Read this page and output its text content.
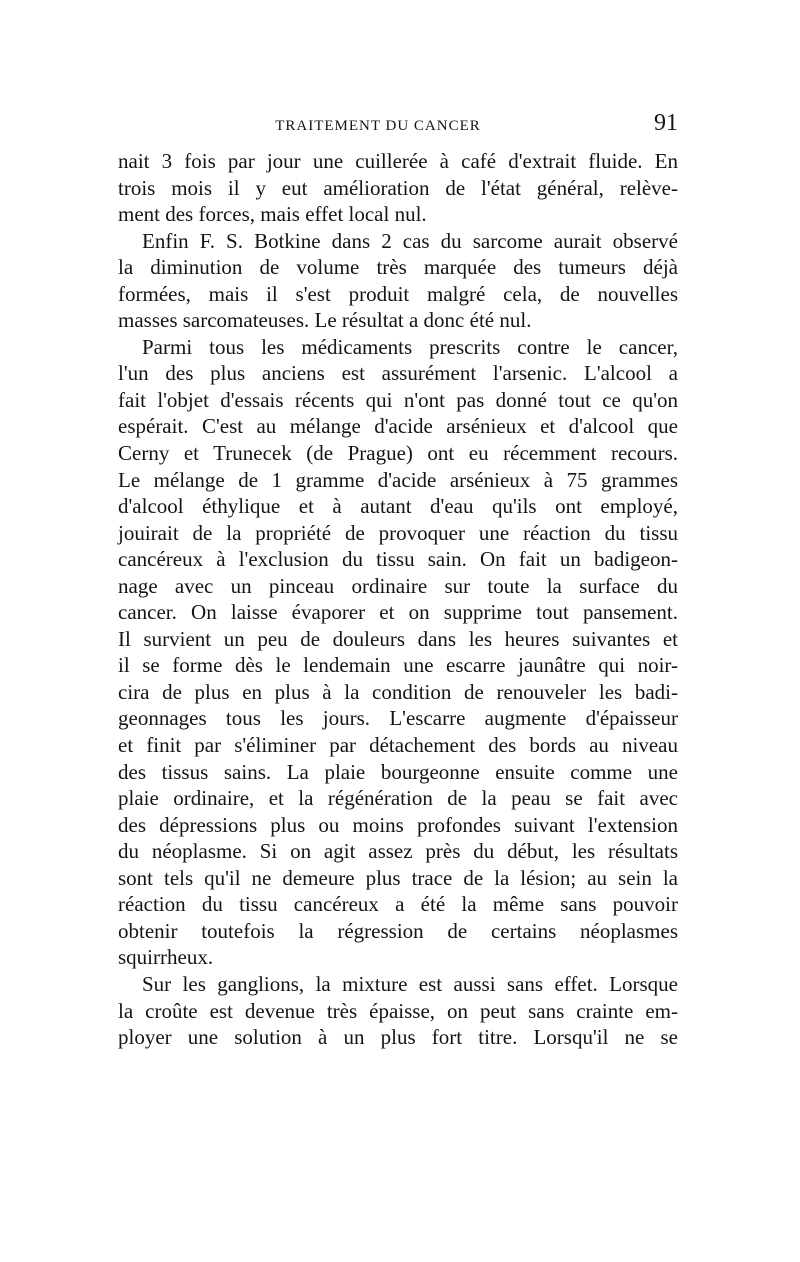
TRAITEMENT DU CANCER	91
nait 3 fois par jour une cuillerée à café d'extrait fluide. En
trois mois il y eut amélioration de l'état général, relève-
ment des forces, mais effet local nul.
Enfin F. S. Botkine dans 2 cas du sarcome aurait observé
la diminution de volume très marquée des tumeurs déjà
formées, mais il s'est produit malgré cela, de nouvelles
masses sarcomateuses. Le résultat a donc été nul.
Parmi tous les médicaments prescrits contre le cancer,
l'un des plus anciens est assurément l'arsenic. L'alcool a
fait l'objet d'essais récents qui n'ont pas donné tout ce qu'on
espérait. C'est au mélange d'acide arsénieux et d'alcool que
Cerny et Trunecek (de Prague) ont eu récemment recours.
Le mélange de 1 gramme d'acide arsénieux à 75 grammes
d'alcool éthylique et à autant d'eau qu'ils ont employé,
jouirait de la propriété de provoquer une réaction du tissu
cancéreux à l'exclusion du tissu sain. On fait un badigeon-
nage avec un pinceau ordinaire sur toute la surface du
cancer. On laisse évaporer et on supprime tout pansement.
Il survient un peu de douleurs dans les heures suivantes et
il se forme dès le lendemain une escarre jaunâtre qui noir-
cira de plus en plus à la condition de renouveler les badi-
geonnages tous les jours. L'escarre augmente d'épaisseur
et finit par s'éliminer par détachement des bords au niveau
des tissus sains. La plaie bourgeonne ensuite comme une
plaie ordinaire, et la régénération de la peau se fait avec
des dépressions plus ou moins profondes suivant l'extension
du néoplasme. Si on agit assez près du début, les résultats
sont tels qu'il ne demeure plus trace de la lésion; au sein la
réaction du tissu cancéreux a été la même sans pouvoir
obtenir toutefois la régression de certains néoplasmes
squirrheux.
Sur les ganglions, la mixture est aussi sans effet. Lorsque
la croûte est devenue très épaisse, on peut sans crainte em-
ployer une solution à un plus fort titre. Lorsqu'il ne se
